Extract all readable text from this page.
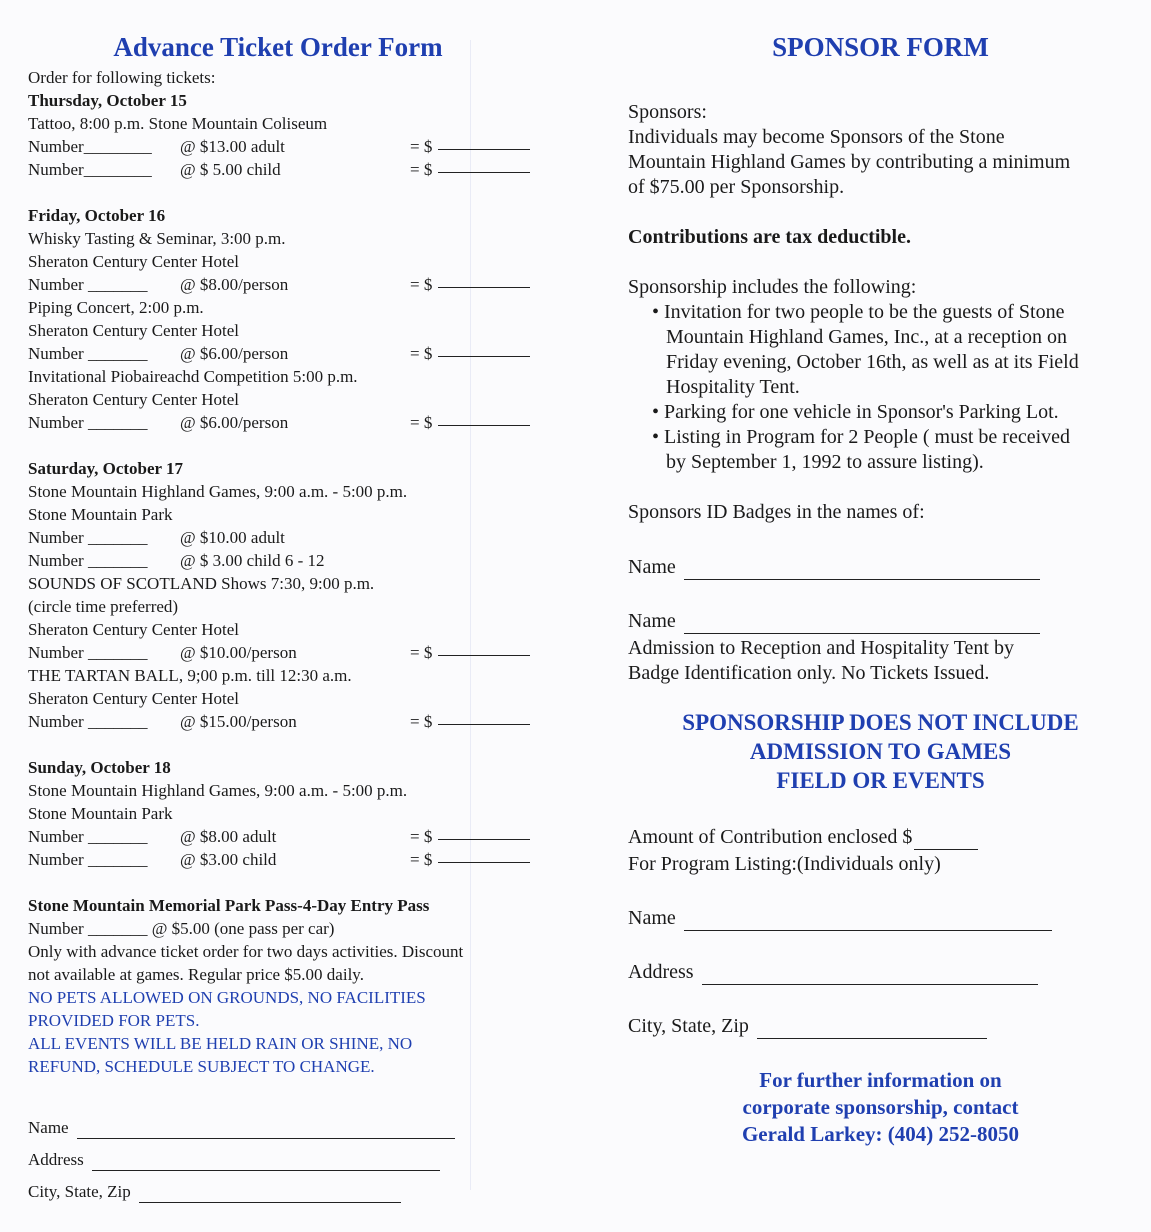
Advance Ticket Order Form
Order for following tickets:
Thursday, October 15
Tattoo, 8:00 p.m. Stone Mountain Coliseum
Number________	@ $13.00 adult	= $
Number________	@ $ 5.00 child	= $
Friday, October 16
Whisky Tasting & Seminar, 3:00 p.m.
Sheraton Century Center Hotel
Number _______	@ $8.00/person	= $
Piping Concert, 2:00 p.m.
Sheraton Century Center Hotel
Number _______	@ $6.00/person	= $
Invitational Piobaireachd Competition 5:00 p.m.
Sheraton Century Center Hotel
Number _______	@ $6.00/person	= $
Saturday, October 17
Stone Mountain Highland Games, 9:00 a.m. - 5:00 p.m.
Stone Mountain Park
Number _______	@ $10.00 adult
Number _______	@ $ 3.00 child 6 - 12
SOUNDS OF SCOTLAND Shows 7:30, 9:00 p.m.
(circle time preferred)
Sheraton Century Center Hotel
Number _______	@ $10.00/person	= $
THE TARTAN BALL, 9;00 p.m. till 12:30 a.m.
Sheraton Century Center Hotel
Number _______	@ $15.00/person	= $
Sunday, October 18
Stone Mountain Highland Games, 9:00 a.m. - 5:00 p.m.
Stone Mountain Park
Number _______	@ $8.00 adult	= $
Number _______	@ $3.00 child	= $
Stone Mountain Memorial Park Pass-4-Day Entry Pass
Number _______ @ $5.00 (one pass per car)
Only with advance ticket order for two days activities. Discount
not available at games. Regular price $5.00 daily.
NO PETS ALLOWED ON GROUNDS, NO FACILITIES
PROVIDED FOR PETS.
ALL EVENTS WILL BE HELD RAIN OR SHINE, NO
REFUND, SCHEDULE SUBJECT TO CHANGE.
Name
Address
City, State, Zip
SPONSOR FORM
Sponsors:
Individuals may become Sponsors of the Stone
Mountain Highland Games by contributing a minimum
of $75.00 per Sponsorship.
Contributions are tax deductible.
Sponsorship includes the following:
• Invitation for two people to be the guests of Stone
Mountain Highland Games, Inc., at a reception on
Friday evening, October 16th, as well as at its Field
Hospitality Tent.
• Parking for one vehicle in Sponsor's Parking Lot.
• Listing in Program for 2 People ( must be received
by September 1, 1992 to assure listing).
Sponsors ID Badges in the names of:
Name
Name
Admission to Reception and Hospitality Tent by
Badge Identification only. No Tickets Issued.
SPONSORSHIP DOES NOT INCLUDE
ADMISSION TO GAMES
FIELD OR EVENTS
Amount of Contribution enclosed $
For Program Listing:(Individuals only)
Name
Address
City, State, Zip
For further information on
corporate sponsorship, contact
Gerald Larkey: (404) 252-8050
